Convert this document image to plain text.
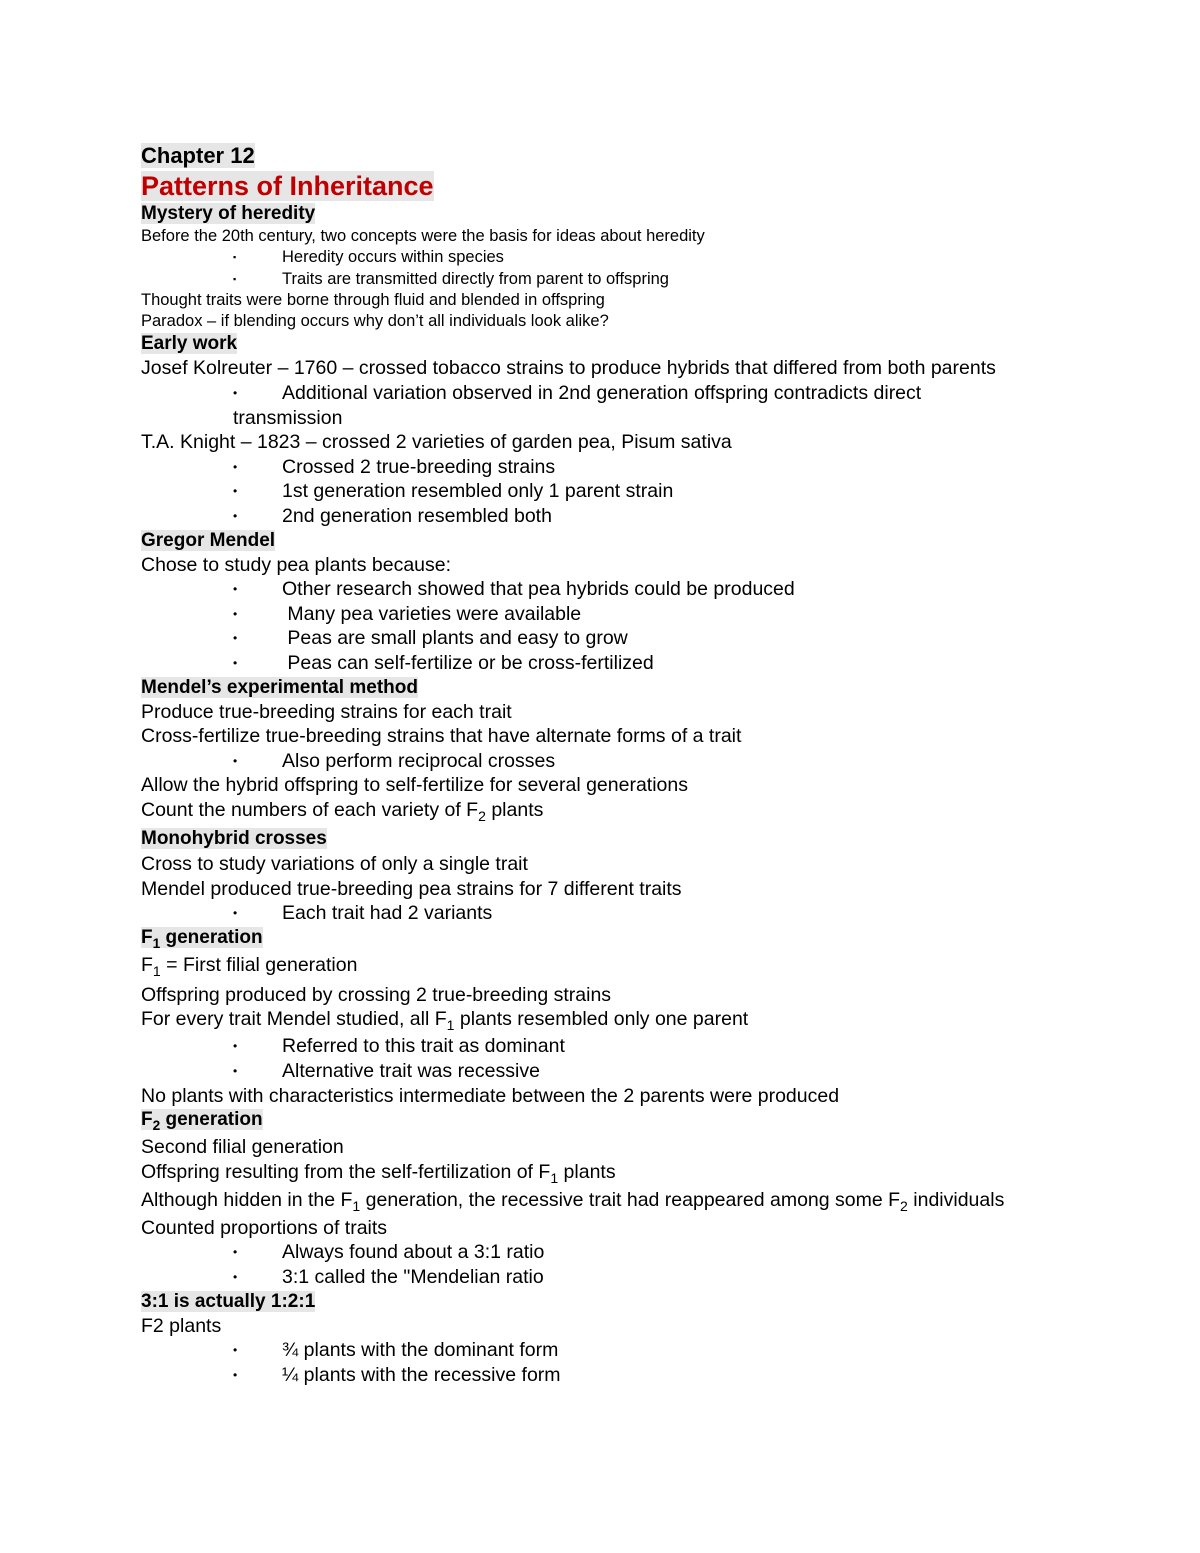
Chapter 12
Patterns of Inheritance
Mystery of heredity
Before the 20th century, two concepts were the basis for ideas about heredity
▪	Heredity occurs within species
▪	Traits are transmitted directly from parent to offspring
Thought traits were borne through fluid and blended in offspring
Paradox – if blending occurs why don’t all individuals look alike?
Early work
Josef Kolreuter – 1760 – crossed tobacco strains to produce hybrids that differed from both parents
• Additional variation observed in 2nd generation offspring contradicts direct
transmission
T.A. Knight – 1823 – crossed 2 varieties of garden pea, Pisum sativa
• Crossed 2 true-breeding strains
• 1st generation resembled only 1 parent strain
• 2nd generation resembled both
Gregor Mendel
Chose to study pea plants because:
• Other research showed that pea hybrids could be produced
• Many pea varieties were available
• Peas are small plants and easy to grow
• Peas can self-fertilize or be cross-fertilized
Mendel’s experimental method
Produce true-breeding strains for each trait
Cross-fertilize true-breeding strains that have alternate forms of a trait
• Also perform reciprocal crosses
Allow the hybrid offspring to self-fertilize for several generations
Count the numbers of each variety of $F_2$ plants
Monohybrid crosses
Cross to study variations of only a single trait
Mendel produced true-breeding pea strains for 7 different traits
• Each trait had 2 variants
$F_1$ generation
$F_1$ = First filial generation
Offspring produced by crossing 2 true-breeding strains
For every trait Mendel studied, all $F_1$ plants resembled only one parent
• Referred to this trait as dominant
• Alternative trait was recessive
No plants with characteristics intermediate between the 2 parents were produced
$F_2$ generation
Second filial generation
Offspring resulting from the self-fertilization of $F_1$ plants
Although hidden in the $F_1$ generation, the recessive trait had reappeared among some $F_2$ individuals
Counted proportions of traits
• Always found about a 3:1 ratio
• 3:1 called the "Mendelian ratio
3:1 is actually 1:2:1
F2 plants
• ¾ plants with the dominant form
• ¼ plants with the recessive form
